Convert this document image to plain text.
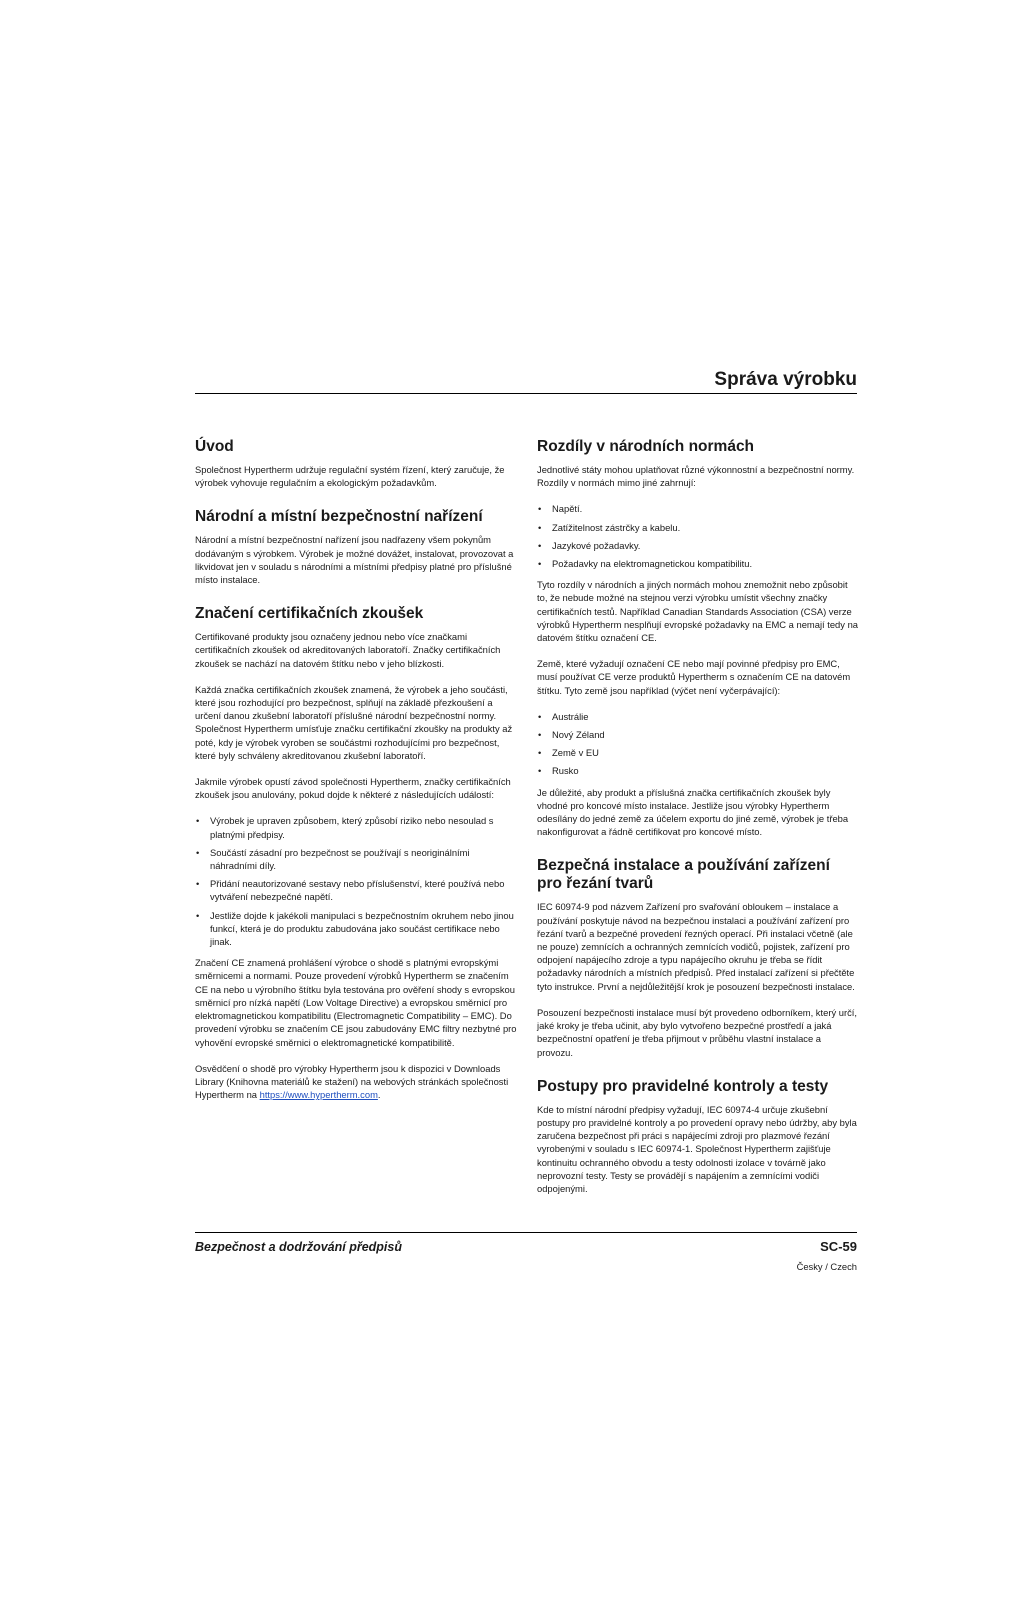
Správa výrobku
Úvod

Společnost Hypertherm udržuje regulační systém řízení, který zaručuje, že výrobek vyhovuje regulačním a ekologickým požadavkům.

Národní a místní bezpečnostní nařízení

Národní a místní bezpečnostní nařízení jsou nadřazeny všem pokynům dodávaným s výrobkem. Výrobek je možné dovážet, instalovat, provozovat a likvidovat jen v souladu s národními a místními předpisy platné pro příslušné místo instalace.

Značení certifikačních zkoušek

Certifikované produkty jsou označeny jednou nebo více značkami certifikačních zkoušek od akreditovaných laboratoří. Značky certifikačních zkoušek se nachází na datovém štítku nebo v jeho blízkosti.

Každá značka certifikačních zkoušek znamená, že výrobek a jeho součásti, které jsou rozhodující pro bezpečnost, splňují na základě přezkoušení a určení danou zkušební laboratoří příslušné národní bezpečnostní normy. Společnost Hypertherm umísťuje značku certifikační zkoušky na produkty až poté, kdy je výrobek vyroben se součástmi rozhodujícími pro bezpečnost, které byly schváleny akreditovanou zkušební laboratoří.

Jakmile výrobek opustí závod společnosti Hypertherm, značky certifikačních zkoušek jsou anulovány, pokud dojde k některé z následujících událostí:

• Výrobek je upraven způsobem, který způsobí riziko nebo nesoulad s platnými předpisy.
• Součástí zásadní pro bezpečnost se používají s neoriginálními náhradními díly.
• Přidání neautorizované sestavy nebo příslušenství, které používá nebo vytváření nebezpečné napětí.
• Jestliže dojde k jakékoli manipulaci s bezpečnostním okruhem nebo jinou funkcí, která je do produktu zabudována jako součást certifikace nebo jinak.

Značení CE znamená prohlášení výrobce o shodě s platnými evropskými směrnicemi a normami. Pouze provedení výrobků Hypertherm se značením CE na nebo u výrobního štítku byla testována pro ověření shody s evropskou směrnicí pro nízká napětí (Low Voltage Directive) a evropskou směrnicí pro elektromagnetickou kompatibilitu (Electromagnetic Compatibility – EMC). Do provedení výrobku se značením CE jsou zabudovány EMC filtry nezbytné pro vyhovění evropské směrnici o elektromagnetické kompatibilitě.

Osvědčení o shodě pro výrobky Hypertherm jsou k dispozici v Downloads Library (Knihovna materiálů ke stažení) na webových stránkách společnosti Hypertherm na https://www.hypertherm.com.

Rozdíly v národních normách

Jednotlivé státy mohou uplatňovat různé výkonnostní a bezpečnostní normy. Rozdíly v normách mimo jiné zahrnují:

• Napětí.
• Zatížitelnost zástrčky a kabelu.
• Jazykové požadavky.
• Požadavky na elektromagnetickou kompatibilitu.

Tyto rozdíly v národních a jiných normách mohou znemožnit nebo způsobit to, že nebude možné na stejnou verzi výrobku umístit všechny značky certifikačních testů. Například Canadian Standards Association (CSA) verze výrobků Hypertherm nesplňují evropské požadavky na EMC a nemají tedy na datovém štítku označení CE.

Země, které vyžadují označení CE nebo mají povinné předpisy pro EMC, musí používat CE verze produktů Hypertherm s označením CE na datovém štítku. Tyto země jsou například (výčet není vyčerpávající):

• Austrálie
• Nový Zéland
• Země v EU
• Rusko

Je důležité, aby produkt a příslušná značka certifikačních zkoušek byly vhodné pro koncové místo instalace. Jestliže jsou výrobky Hypertherm odesílány do jedné země za účelem exportu do jiné země, výrobek je třeba nakonfigurovat a řádně certifikovat pro koncové místo.

Bezpečná instalace a používání zařízení pro řezání tvarů

IEC 60974-9 pod názvem Zařízení pro svařování obloukem – instalace a používání poskytuje návod na bezpečnou instalaci a používání zařízení pro řezání tvarů a bezpečné provedení řezných operací. Při instalaci včetně (ale ne pouze) zemnících a ochranných zemnících vodičů, pojistek, zařízení pro odpojení napájecího zdroje a typu napájecího okruhu je třeba se řídit požadavky národních a místních předpisů. Před instalací zařízení si přečtěte tyto instrukce. První a nejdůležitější krok je posouzení bezpečnosti instalace.

Posouzení bezpečnosti instalace musí být provedeno odborníkem, který určí, jaké kroky je třeba učinit, aby bylo vytvořeno bezpečné prostředí a jaká bezpečnostní opatření je třeba přijmout v průběhu vlastní instalace a provozu.

Postupy pro pravidelné kontroly a testy

Kde to místní národní předpisy vyžadují, IEC 60974-4 určuje zkušební postupy pro pravidelné kontroly a po provedení opravy nebo údržby, aby byla zaručena bezpečnost při práci s napájecími zdroji pro plazmové řezání vyrobenými v souladu s IEC 60974-1. Společnost Hypertherm zajišťuje kontinuitu ochranného obvodu a testy odolnosti izolace v továrně jako neprovozní testy. Testy se provádějí s napájením a zemnícími vodiči odpojenými.

Bezpečnost a dodržování předpisů	SC-59
Česky / Czech
